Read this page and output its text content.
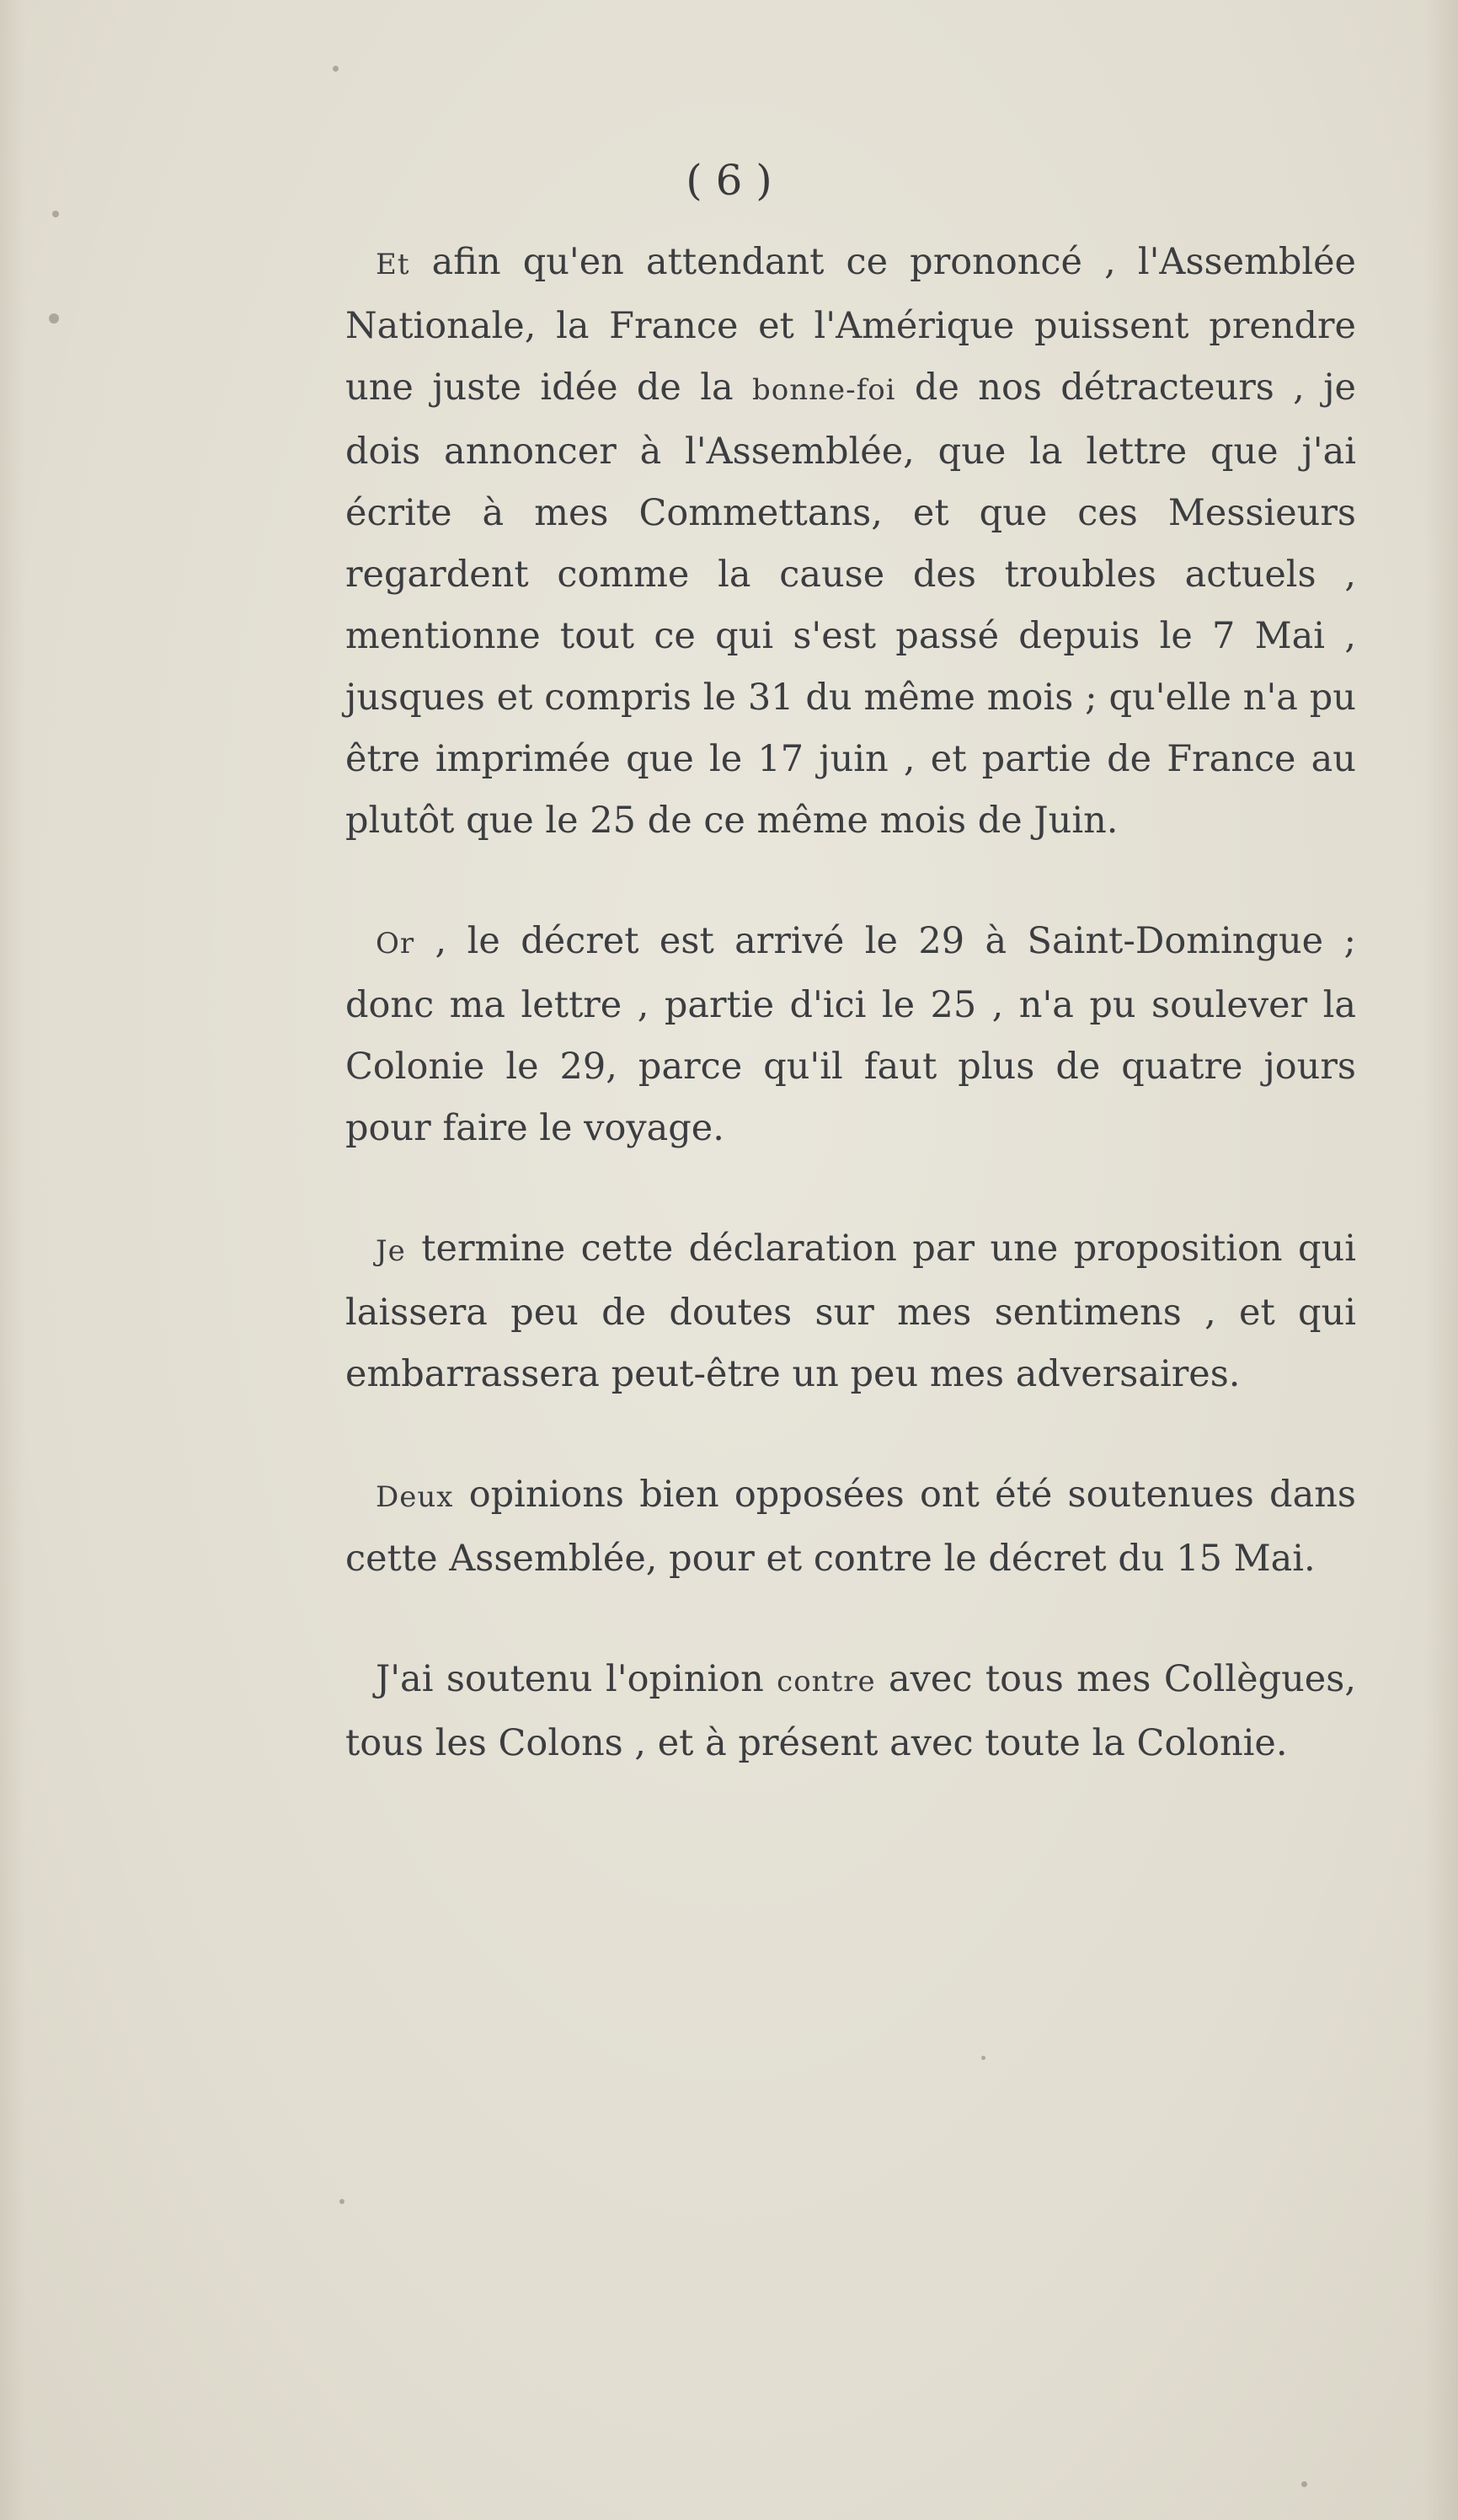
( 6 )

Et afin qu'en attendant ce prononcé , l'Assemblée Nationale, la France et l'Amérique puissent prendre une juste idée de la bonne-foi de nos détracteurs , je dois annoncer à l'Assemblée, que la lettre que j'ai écrite à mes Commettans, et que ces Messieurs regardent comme la cause des troubles actuels , mentionne tout ce qui s'est passé depuis le 7 Mai , jusques et compris le 31 du même mois ; qu'elle n'a pu être imprimée que le 17 juin , et partie de France au plutôt que le 25 de ce même mois de Juin.

Or , le décret est arrivé le 29 à Saint-Domingue ; donc ma lettre , partie d'ici le 25 , n'a pu soulever la Colonie le 29, parce qu'il faut plus de quatre jours pour faire le voyage.

Je termine cette déclaration par une proposition qui laissera peu de doutes sur mes sentimens , et qui embarrassera peut-être un peu mes adversaires.

Deux opinions bien opposées ont été soutenues dans cette Assemblée, pour et contre le décret du 15 Mai.

J'ai soutenu l'opinion contre avec tous mes Collègues, tous les Colons , et à présent avec toute la Colonie.
